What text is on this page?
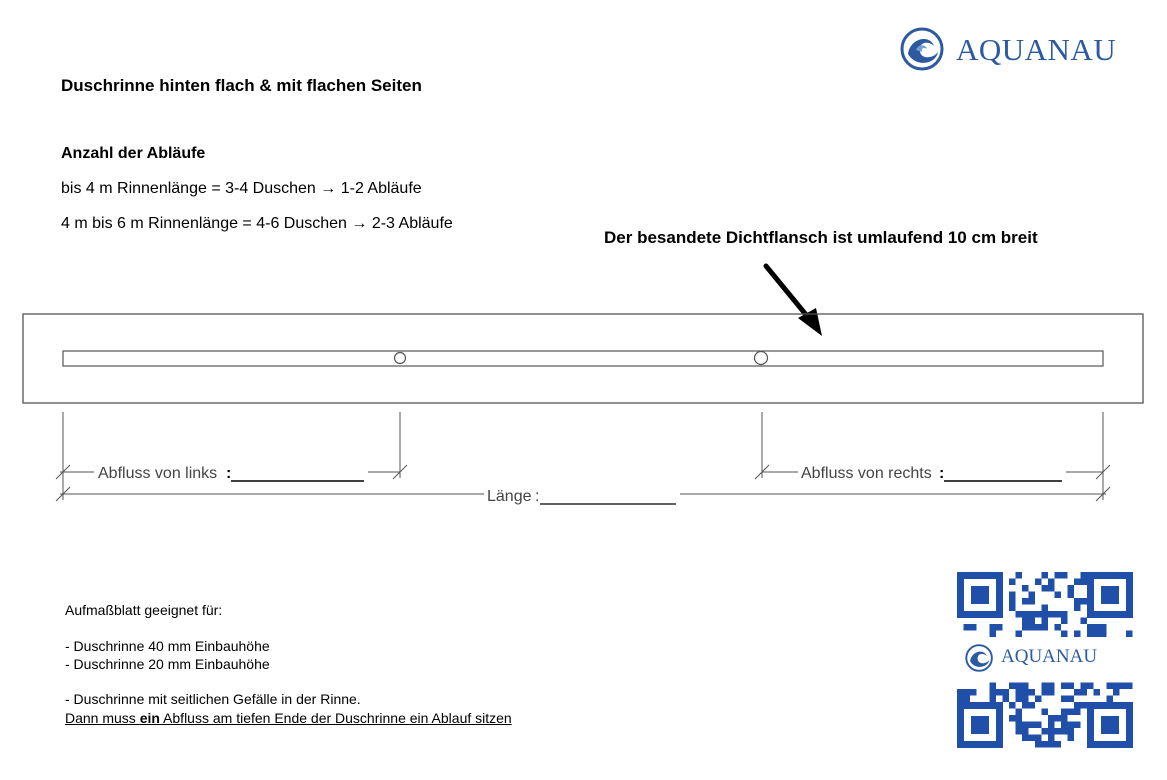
AQUANAU
Duschrinne hinten flach & mit flachen Seiten
Anzahl der Abläufe
bis 4 m Rinnenlänge = 3-4 Duschen → 1-2 Abläufe
4 m bis 6 m Rinnenlänge = 4-6 Duschen → 2-3 Abläufe
Der besandete Dichtflansch ist umlaufend 10 cm breit
Abfluss von links :	Abfluss von rechts :
Länge :
Aufmaßblatt geeignet für:
- Duschrinne 40 mm Einbauhöhe
- Duschrinne 20 mm Einbauhöhe
- Duschrinne mit seitlichen Gefälle in der Rinne.
Dann muss ein Abfluss am tiefen Ende der Duschrinne ein Ablauf sitzen
AQUANAU
